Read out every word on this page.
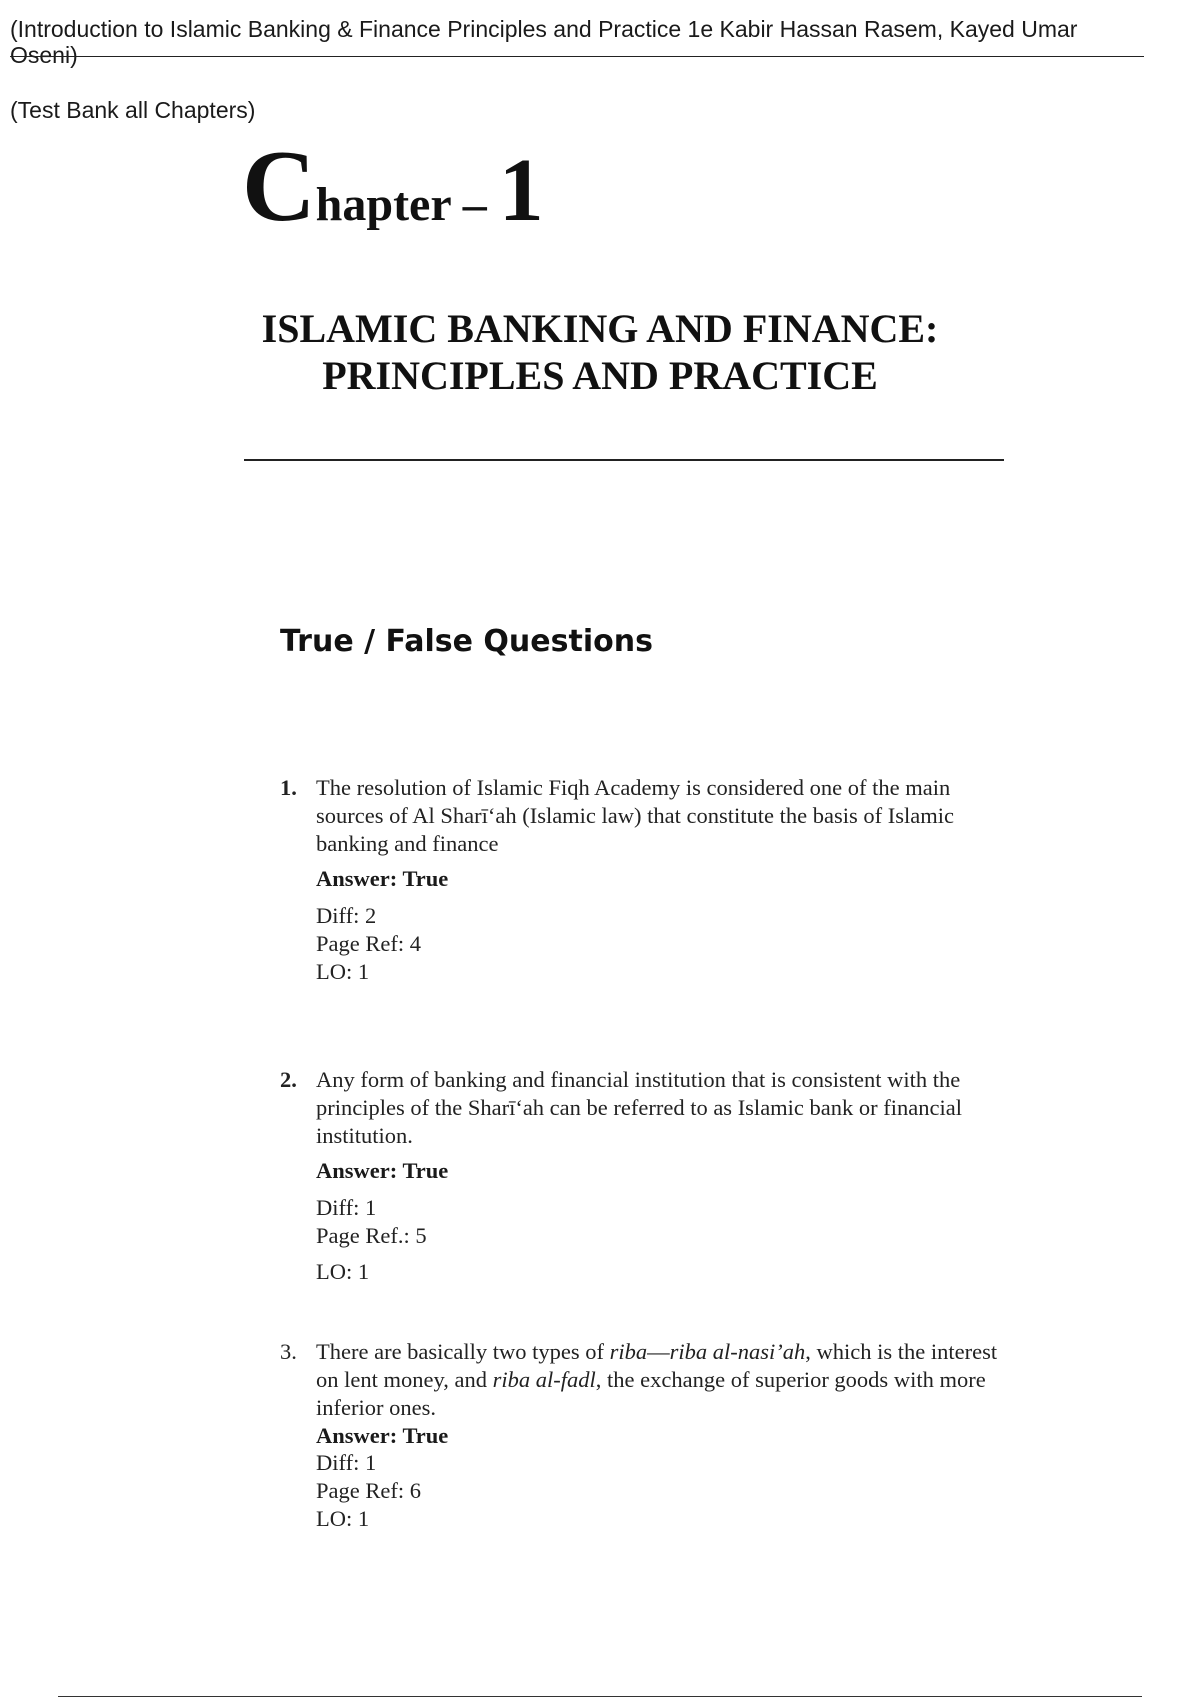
(Introduction to Islamic Banking & Finance Principles and Practice 1e Kabir Hassan Rasem, Kayed Umar

Oseni)

(Test Bank all Chapters)

Chapter – 1
ISLAMIC BANKING AND FINANCE:
PRINCIPLES AND PRACTICE
True / False Questions
1. The resolution of Islamic Fiqh Academy is considered one of the main sources of Al Sharī‘ah (Islamic law) that constitute the basis of Islamic banking and finance

Answer: True

Diff: 2

Page Ref: 4

LO: 1

2. Any form of banking and financial institution that is consistent with the principles of the Sharī‘ah can be referred to as Islamic bank or financial institution.

Answer: True

Diff: 1

Page Ref.: 5

LO: 1

3. There are basically two types of riba—riba al-nasi’ah, which is the interest on lent money, and riba al-fadl, the exchange of superior goods with more inferior ones.

Answer: True

Diff: 1

Page Ref: 6

LO: 1
